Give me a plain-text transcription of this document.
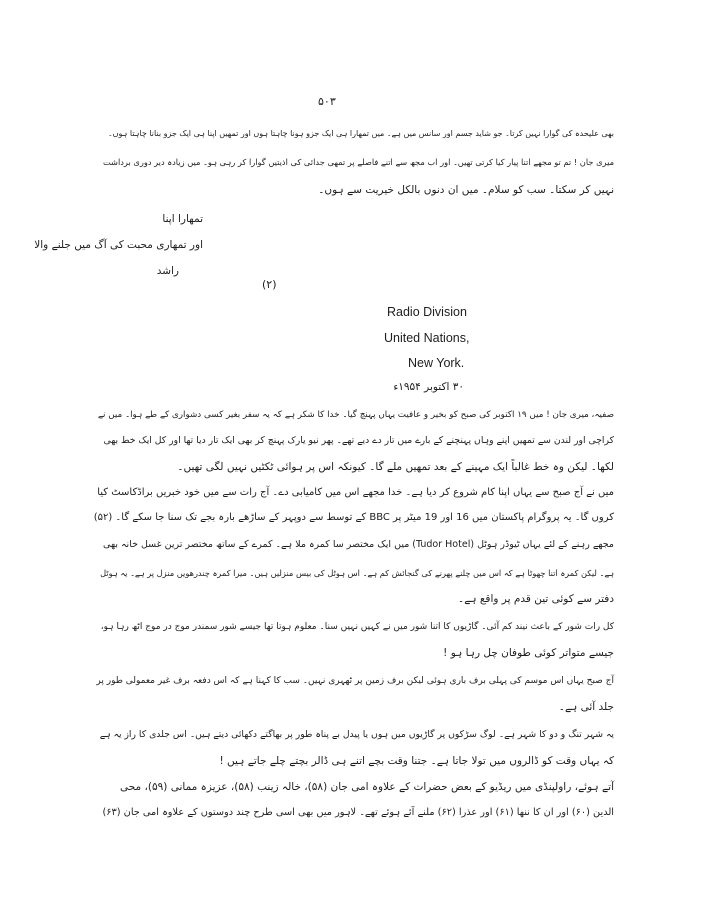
۵۰۳
بھی علیحدہ کی گوارا نہیں کرتا۔ جو شاید جسم اور سانس میں ہے۔ میں تمھارا ہی ایک جزو ہونا چاہتا ہوں اور تمھیں اپنا ہی ایک جزو بنانا چاہتا ہوں۔
میری جان ! تم تو مجھے اتنا پیار کیا کرتی تھیں۔ اور اب مجھ سے اتنے فاصلے پر تمھی جدائی کی اذیتیں گوارا کر رہی ہو۔ میں زیادہ دیر دوری برداشت
نہیں کر سکتا۔ سب کو سلام۔ میں ان دنوں بالکل خیریت سے ہوں۔
تمھارا اپنا
اور تمھاری محبت کی آگ میں جلنے والا
راشد
(۲)
Radio Division
United Nations,
New York.
۳۰ اکتوبر ۱۹۵۴ء
صفیہ، میری جان ! میں ۱۹ اکتوبر کی صبح کو بخیر و عافیت یہاں پہنچ گیا۔ خدا کا شکر ہے کہ یہ سفر بغیر کسی دشواری کے طے ہوا۔ میں نے
کراچی اور لندن سے تمھیں اپنے وہاں پہنچنے کے بارے میں تار دے دیے تھے۔ پھر نیو یارک پہنچ کر بھی ایک تار دیا تھا اور کل ایک خط بھی
لکھا۔ لیکن وہ خط غالباً ایک مہینے کے بعد تمھیں ملے گا۔ کیونکہ اس پر ہوائی ٹکٹیں نہیں لگی تھیں۔
میں نے آج صبح سے یہاں اپنا کام شروع کر دیا ہے۔ خدا مجھے اس میں کامیابی دے۔ آج رات سے میں خود خبریں براڈکاسٹ کیا
کروں گا۔ یہ پروگرام پاکستان میں 16 اور 19 میٹر پر BBC کے توسط سے دوپہر کے ساڑھے بارہ بجے تک سنا جا سکے گا۔ (۵۲)
مجھے رہنے کے لئے یہاں ٹیوڈر ہوٹل (Tudor Hotel) میں ایک مختصر سا کمرہ ملا ہے۔ کمرے کے ساتھ مختصر ترین غسل خانہ بھی
ہے۔ لیکن کمرہ اتنا چھوٹا ہے کہ اس میں چلنے پھرنے کی گنجائش کم ہے۔ اس ہوٹل کی بیس منزلیں ہیں۔ میرا کمرہ چندرھویں منزل پر ہے۔ یہ ہوٹل
دفتر سے کوئی تین قدم پر واقع ہے۔
کل رات شور کے باعث نیند کم آئی۔ گاڑیوں کا اتنا شور میں نے کہیں نہیں سنا۔ معلوم ہوتا تھا جیسے شور سمندر موج در موج اٹھ رہا ہو،
جیسے متواتر کوئی طوفان چل رہا ہو !
آج صبح یہاں اس موسم کی پہلی برف باری ہوئی لیکن برف زمین پر ٹھہری نہیں۔ سب کا کہنا ہے کہ اس دفعہ برف غیر معمولی طور پر
جلد آئی ہے۔
یہ شہر تنگ و دو کا شہر ہے۔ لوگ سڑکوں پر گاڑیوں میں ہوں یا پیدل بے پناہ طور پر بھاگتے دکھائی دیتے ہیں۔ اس جلدی کا راز یہ ہے
کہ یہاں وقت کو ڈالروں میں تولا جاتا ہے۔ جتنا وقت بچے اتنے ہی ڈالر بچتے چلے جاتے ہیں !
آتے ہوئے، راولپنڈی میں ریڈیو کے بعض حضرات کے علاوہ امی جان (۵۸)، خالہ زینب (۵۸)، عزیزہ ممانی (۵۹)، محی
الدین (۶۰) اور ان کا ننھا (۶۱) اور عذرا (۶۲) ملنے آئے ہوئے تھے۔ لاہور میں بھی اسی طرح چند دوستوں کے علاوہ امی جان (۶۳)
